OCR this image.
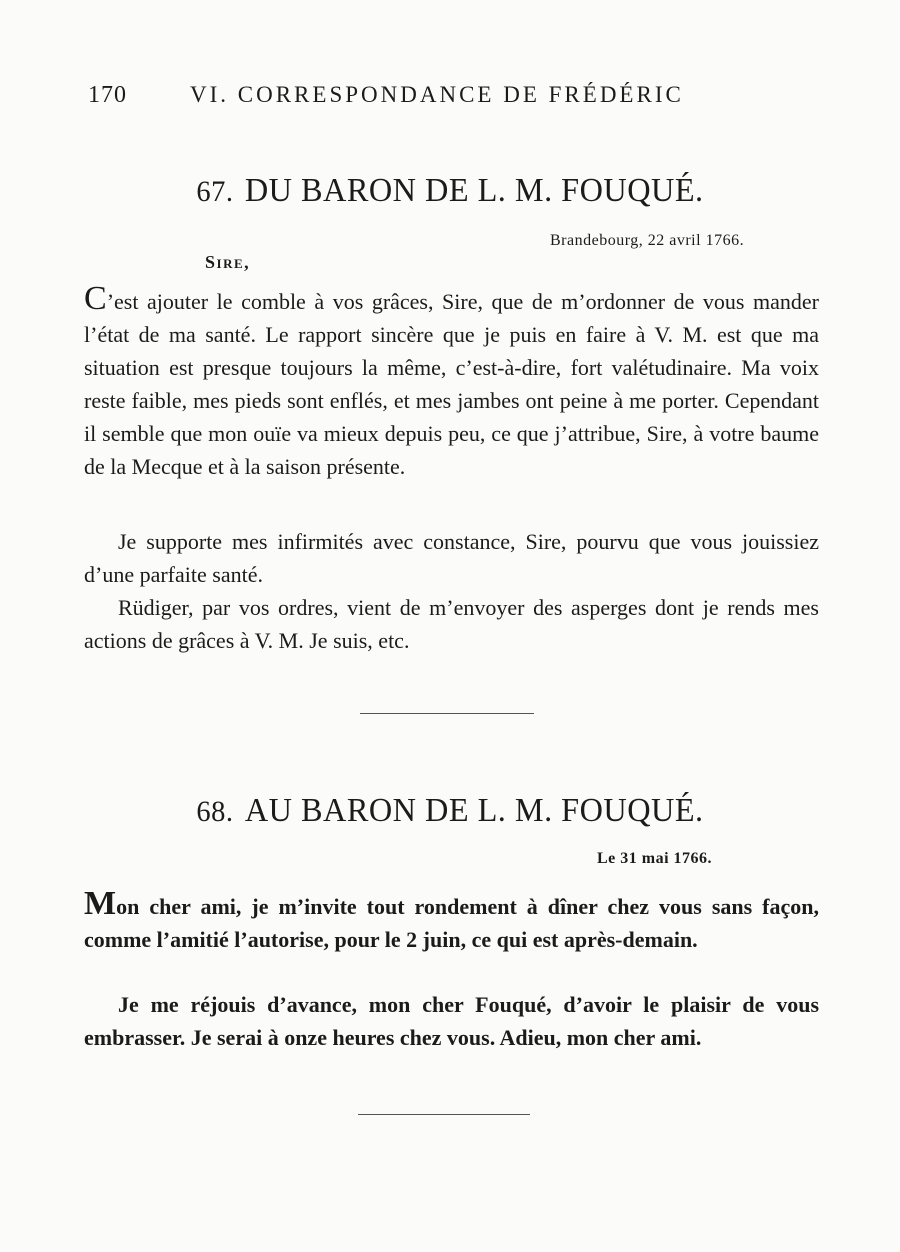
170	VI. CORRESPONDANCE DE FRÉDÉRIC
67. DU BARON DE L. M. FOUQUÉ.
Brandebourg, 22 avril 1766.
Sire,

C’est ajouter le comble à vos grâces, Sire, que de m’ordonner de vous mander l’état de ma santé. Le rapport sincère que je puis en faire à V. M. est que ma situation est presque toujours la même, c’est-à-dire, fort valétudinaire. Ma voix reste faible, mes pieds sont enflés, et mes jambes ont peine à me porter. Cependant il semble que mon ouïe va mieux depuis peu, ce que j’attribue, Sire, à votre baume de la Mecque et à la saison présente.

Je supporte mes infirmités avec constance, Sire, pourvu que vous jouissiez d’une parfaite santé.

Rüdiger, par vos ordres, vient de m’envoyer des asperges dont je rends mes actions de grâces à V. M. Je suis, etc.

68. AU BARON DE L. M. FOUQUÉ.
Le 31 mai 1766.

Mon cher ami, je m’invite tout rondement à dîner chez vous sans façon, comme l’amitié l’autorise, pour le 2 juin, ce qui est après-demain.

Je me réjouis d’avance, mon cher Fouqué, d’avoir le plaisir de vous embrasser. Je serai à onze heures chez vous. Adieu, mon cher ami.
